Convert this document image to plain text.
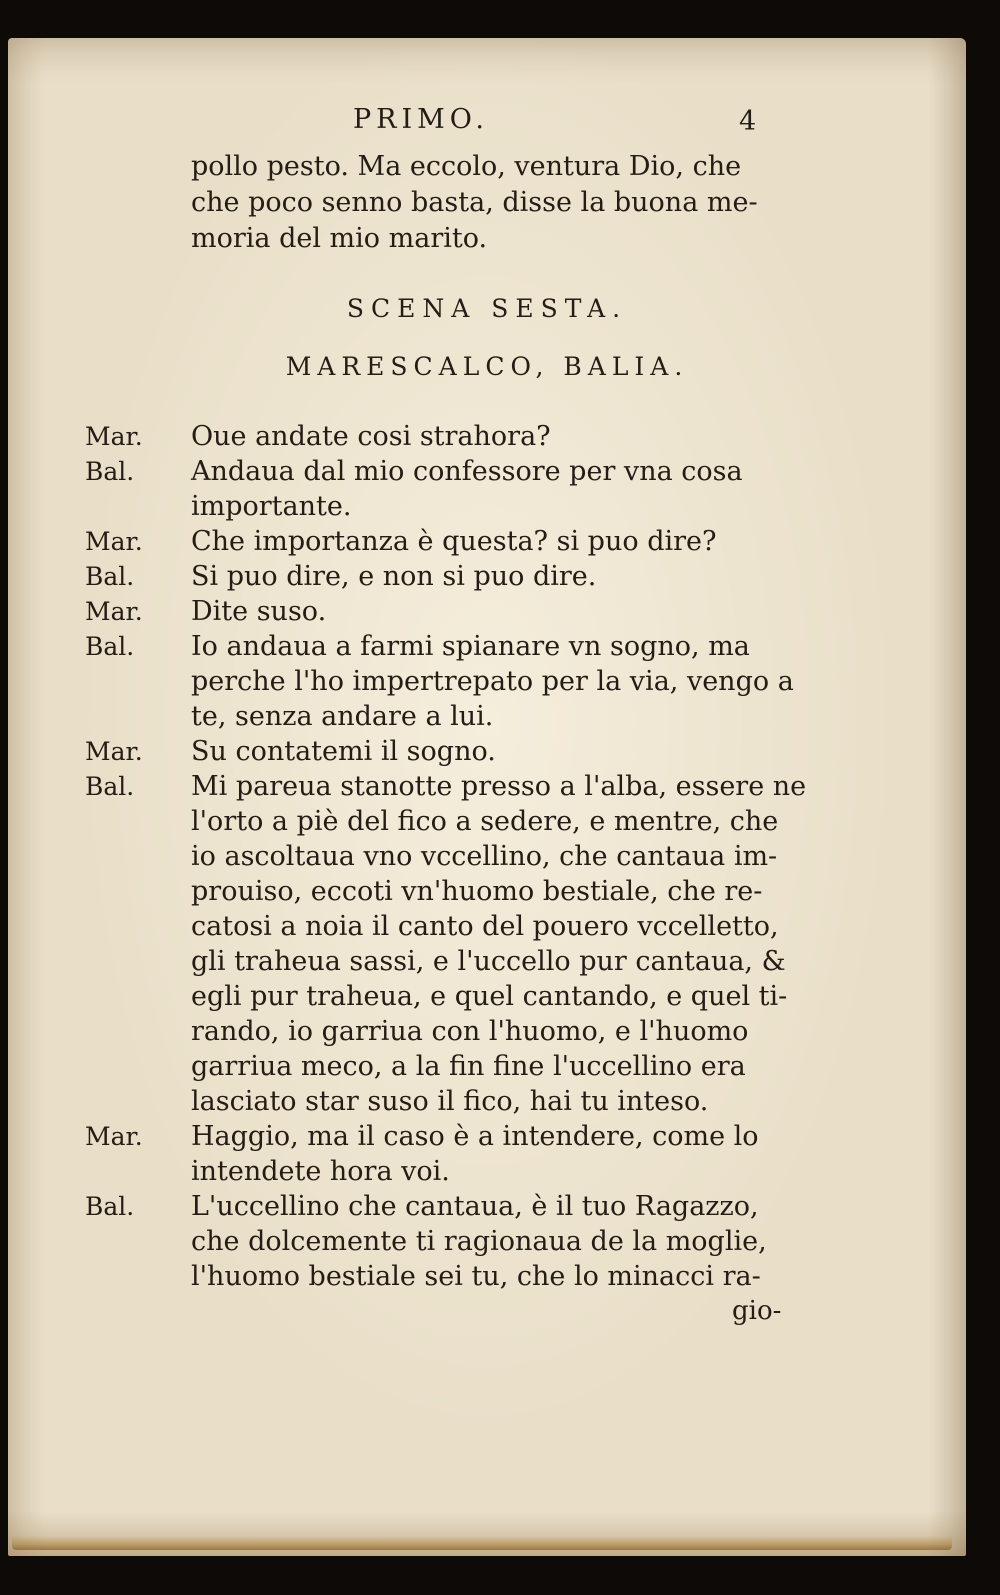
PRIMO.	4
pollo pesto. Ma eccolo, ventura Dio, che
che poco senno basta, disse la buona me-
moria del mio marito.
SCENA SESTA.
MARESCALCO, BALIA.
Mar. Oue andate cosi strahora?
Bal. Andaua dal mio confessore per vna cosa
importante.
Mar. Che importanza è questa? si puo dire?
Bal. Si puo dire, e non si puo dire.
Mar. Dite suso.
Bal. Io andaua a farmi spianare vn sogno, ma
perche l'ho impertrepato per la via, vengo a
te, senza andare a lui.
Mar. Su contatemi il sogno.
Bal. Mi pareua stanotte presso a l'alba, essere ne
l'orto a piè del fico a sedere, e mentre, che
io ascoltaua vno vccellino, che cantaua im-
prouiso, eccoti vn'huomo bestiale, che re-
catosi a noia il canto del pouero vccelletto,
gli traheua sassi, e l'uccello pur cantaua, &
egli pur traheua, e quel cantando, e quel ti-
rando, io garriua con l'huomo, e l'huomo
garriua meco, a la fin fine l'uccellino era
lasciato star suso il fico, hai tu inteso.
Mar. Haggio, ma il caso è a intendere, come lo
intendete hora voi.
Bal. L'uccellino che cantaua, è il tuo Ragazzo,
che dolcemente ti ragionaua de la moglie,
l'huomo bestiale sei tu, che lo minacci ra-
gio-
